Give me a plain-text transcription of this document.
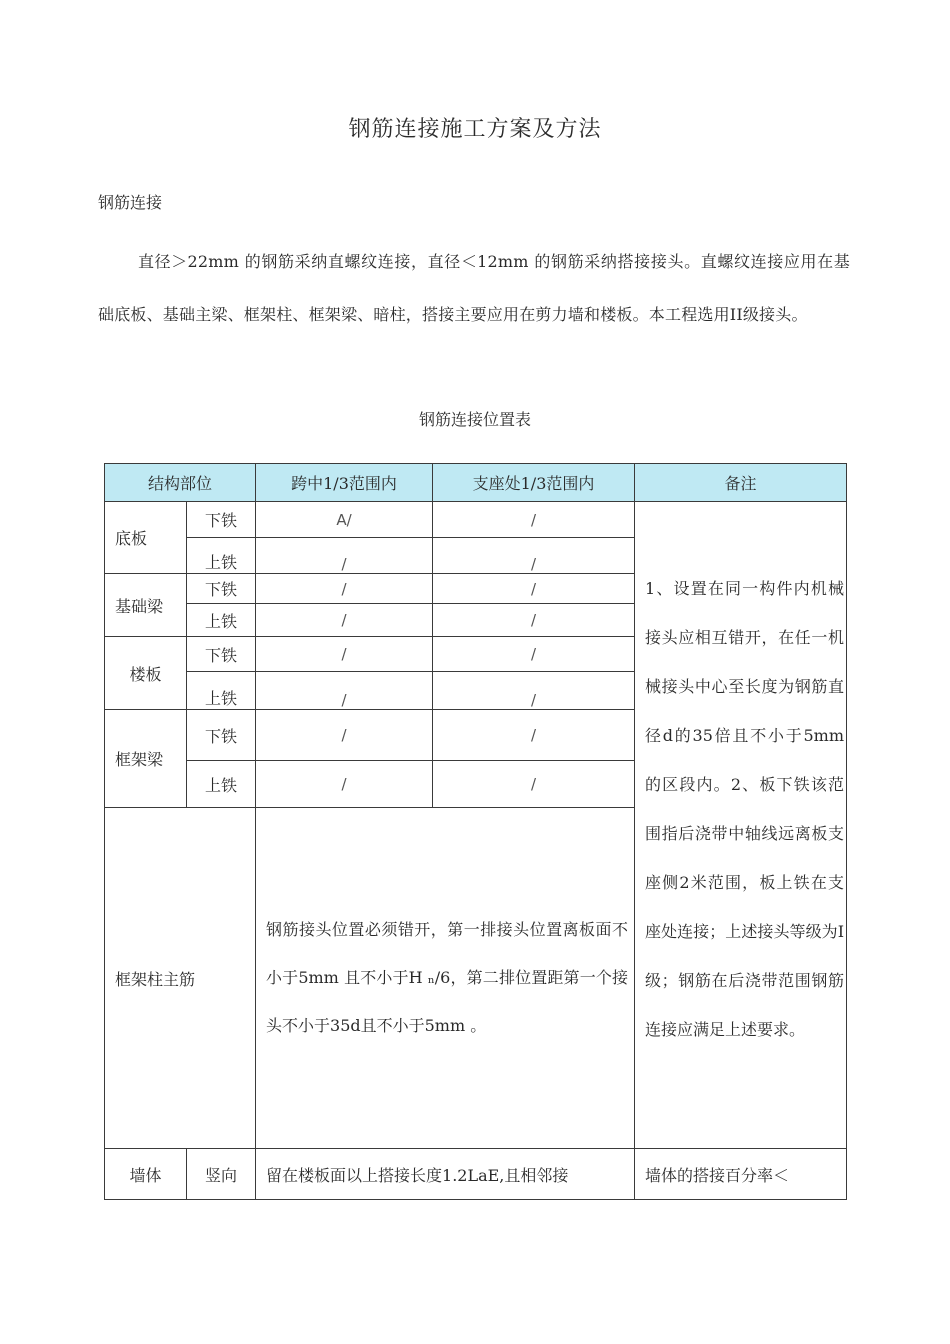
钢筋连接施工方案及方法
钢筋连接
直径＞22mm 的钢筋采纳直螺纹连接，直径＜12mm 的钢筋采纳搭接接头。直螺纹连接应用在基础底板、基础主梁、框架柱、框架梁、暗柱，搭接主要应用在剪力墙和楼板。本工程选用II级接头。
钢筋连接位置表
结构部位		跨中1/3范围内	支座处1/3范围内	备注
底板	下铁	A/	/	1、设置在同一构件内机械接头应相互错开，在任一机械接头中心至长度为钢筋直径d的35倍且不小于5mm 的区段内。2、板下铁该范围指后浇带中轴线远离板支座侧2米范围，板上铁在支座处连接；上述接头等级为I级；钢筋在后浇带范围钢筋连接应满足上述要求。
	上铁	/	/	
基础梁	下铁	/	/	
	上铁	/	/	
楼板	下铁	/	/	
	上铁	/	/	
框架梁	下铁	/	/	
	上铁	/	/	
框架柱主筋		钢筋接头位置必须错开，第一排接头位置离板面不小于5mm 且不小于H ₙ/6，第二排位置距第一个接头不小于35d且不小于5mm 。		
墙体	竖向	留在楼板面以上搭接长度1.2LaE,且相邻接		墙体的搭接百分率＜
